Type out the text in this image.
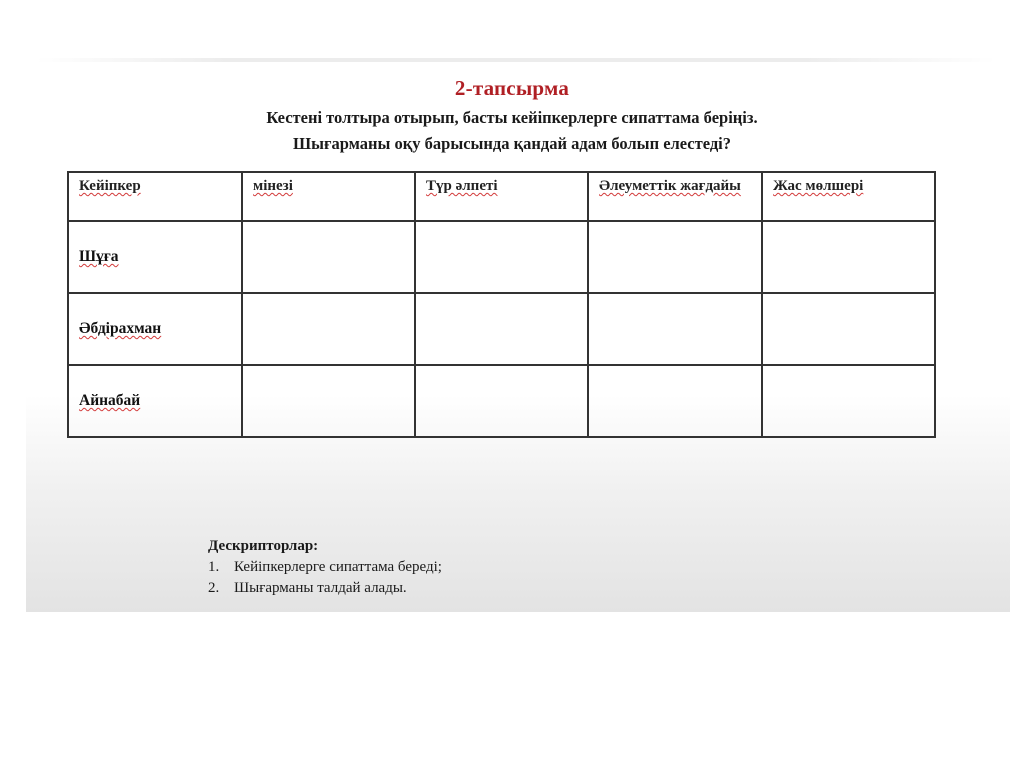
2-тапсырма
Кестені толтыра отырып, басты кейіпкерлерге сипаттама беріңіз.
Шығарманы оқу барысында қандай адам болып елестеді?
Кейіпкер	мінезі	Түр әлпеті	Әлеуметтік жағдайы	Жас мөлшері

Шұға				

Әбдірахман				

Айнабай				

Дескрипторлар:
1. Кейіпкерлерге сипаттама береді;
2. Шығарманы талдай алады.
